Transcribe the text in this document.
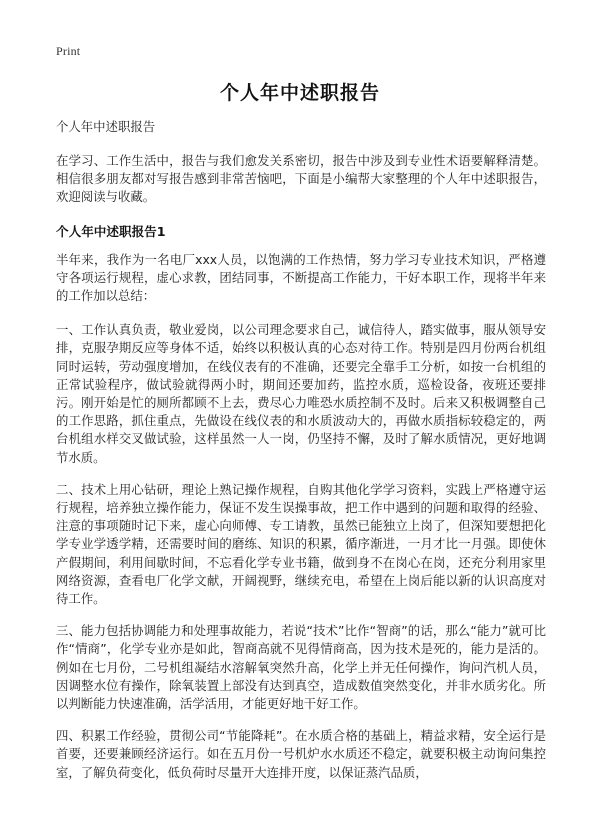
Print
个人年中述职报告

个人年中述职报告

在学习、工作生活中，报告与我们愈发关系密切，报告中涉及到专业性术语要解释清楚。相信很多朋友都对写报告感到非常苦恼吧，下面是小编帮大家整理的个人年中述职报告，欢迎阅读与收藏。

个人年中述职报告1

半年来，我作为一名电厂xxx人员，以饱满的工作热情，努力学习专业技术知识，严格遵守各项运行规程，虚心求教，团结同事，不断提高工作能力，干好本职工作，现将半年来的工作加以总结：

一、工作认真负责，敬业爱岗，以公司理念要求自己，诚信待人，踏实做事，服从领导安排，克服孕期反应等身体不适，始终以积极认真的心态对待工作。特别是四月份两台机组同时运转，劳动强度增加，在线仪表有的不准确，还要完全靠手工分析，如按一台机组的正常试验程序，做试验就得两小时，期间还要加药，监控水质，巡检设备，夜班还要排污。刚开始是忙的厕所都顾不上去，费尽心力唯恐水质控制不及时。后来又积极调整自己的工作思路，抓住重点，先做设在线仪表的和水质波动大的，再做水质指标较稳定的，两台机组水样交叉做试验，这样虽然一人一岗，仍坚持不懈，及时了解水质情况，更好地调节水质。

二、技术上用心钻研，理论上熟记操作规程，自购其他化学学习资料，实践上严格遵守运行规程，培养独立操作能力，保证不发生误操事故，把工作中遇到的问题和取得的经验、注意的事项随时记下来，虚心向师傅、专工请教，虽然已能独立上岗了，但深知要想把化学专业学透学精，还需要时间的磨练、知识的积累，循序渐进，一月才比一月强。即使休产假期间，利用间歇时间，不忘看化学专业书籍，做到身不在岗心在岗，还充分利用家里网络资源，查看电厂化学文献，开阔视野，继续充电，希望在上岗后能以新的认识高度对待工作。

三、能力包括协调能力和处理事故能力，若说“技术”比作“智商”的话，那么“能力”就可比作“情商”，化学专业亦是如此，智商高就不见得情商高，因为技术是死的，能力是活的。例如在七月份，二号机组凝结水溶解氧突然升高，化学上并无任何操作，询问汽机人员，因调整水位有操作，除氧装置上部没有达到真空，造成数值突然变化，并非水质劣化。所以判断能力快速准确，活学活用，才能更好地干好工作。

四、积累工作经验，贯彻公司“节能降耗”。在水质合格的基础上，精益求精，安全运行是首要，还要兼顾经济运行。如在五月份一号机炉水水质还不稳定，就要积极主动询问集控室，了解负荷变化，低负荷时尽量开大连排开度，以保证蒸汽品质，
